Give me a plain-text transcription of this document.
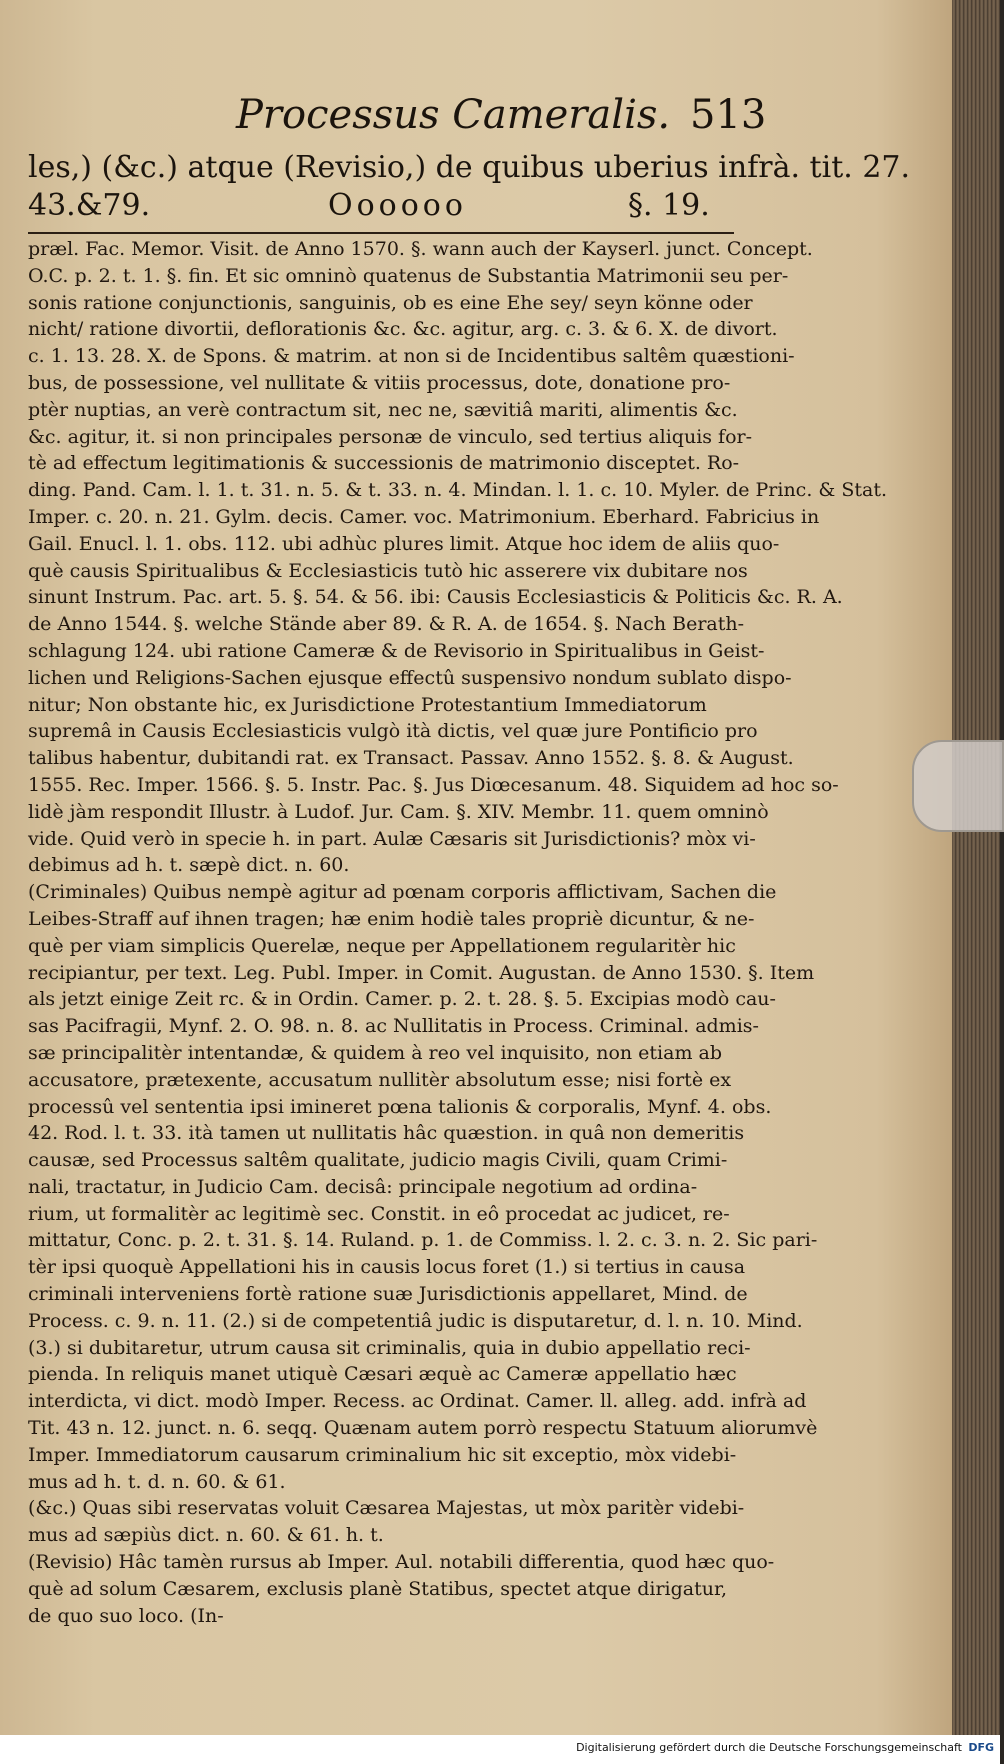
Processus Cameralis. 513
les,) (&c.) atque (Revisio,) de quibus uberius infrà. tit. 27.
43.&79.	Oooooo	§. 19.
præl. Fac. Memor. Visit. de Anno 1570. §. wann auch der Kayserl. junct. Concept.
O.C. p. 2. t. 1. §. fin. Et sic omninò quatenus de Substantia Matrimonii seu per-
sonis ratione conjunctionis, sanguinis, ob es eine Ehe sey/ seyn könne oder
nicht/ ratione divortii, deflorationis &c. &c. agitur, arg. c. 3. & 6. X. de divort.
c. 1. 13. 28. X. de Spons. & matrim. at non si de Incidentibus saltêm quæstioni-
bus, de possessione, vel nullitate & vitiis processus, dote, donatione pro-
ptèr nuptias, an verè contractum sit, nec ne, sævitiâ mariti, alimentis &c.
&c. agitur, it. si non principales personæ de vinculo, sed tertius aliquis for-
tè ad effectum legitimationis & successionis de matrimonio disceptet. Ro-
ding. Pand. Cam. l. 1. t. 31. n. 5. & t. 33. n. 4. Mindan. l. 1. c. 10. Myler. de Princ. & Stat.
Imper. c. 20. n. 21. Gylm. decis. Camer. voc. Matrimonium. Eberhard. Fabricius in
Gail. Enucl. l. 1. obs. 112. ubi adhùc plures limit. Atque hoc idem de aliis quo-
què causis Spiritualibus & Ecclesiasticis tutò hic asserere vix dubitare nos
sinunt Instrum. Pac. art. 5. §. 54. & 56. ibi: Causis Ecclesiasticis & Politicis &c. R. A.
de Anno 1544. §. welche Stände aber 89. & R. A. de 1654. §. Nach Berath-
schlagung 124. ubi ratione Cameræ & de Revisorio in Spiritualibus in Geist-
lichen und Religions-Sachen ejusque effectû suspensivo nondum sublato dispo-
nitur; Non obstante hic, ex Jurisdictione Protestantium Immediatorum
supremâ in Causis Ecclesiasticis vulgò ità dictis, vel quæ jure Pontificio pro
talibus habentur, dubitandi rat. ex Transact. Passav. Anno 1552. §. 8. & August.
1555. Rec. Imper. 1566. §. 5. Instr. Pac. §. Jus Diœcesanum. 48. Siquidem ad hoc so-
lidè jàm respondit Illustr. à Ludof. Jur. Cam. §. XIV. Membr. 11. quem omninò
vide. Quid verò in specie h. in part. Aulæ Cæsaris sit Jurisdictionis? mòx vi-
debimus ad h. t. sæpè dict. n. 60.
(Criminales) Quibus nempè agitur ad pœnam corporis afflictivam, Sachen die
Leibes-Straff auf ihnen tragen; hæ enim hodiè tales propriè dicuntur, & ne-
què per viam simplicis Querelæ, neque per Appellationem regularitèr hic
recipiantur, per text. Leg. Publ. Imper. in Comit. Augustan. de Anno 1530. §. Item
als jetzt einige Zeit rc. & in Ordin. Camer. p. 2. t. 28. §. 5. Excipias modò cau-
sas Pacifragii, Mynf. 2. O. 98. n. 8. ac Nullitatis in Process. Criminal. admis-
sæ principalitèr intentandæ, & quidem à reo vel inquisito, non etiam ab
accusatore, prætexente, accusatum nullitèr absolutum esse; nisi fortè ex
processû vel sententia ipsi imineret pœna talionis & corporalis, Mynf. 4. obs.
42. Rod. l. t. 33. ità tamen ut nullitatis hâc quæstion. in quâ non demeritis
causæ, sed Processus saltêm qualitate, judicio magis Civili, quam Crimi-
nali, tractatur, in Judicio Cam. decisâ: principale negotium ad ordina-
rium, ut formalitèr ac legitimè sec. Constit. in eô procedat ac judicet, re-
mittatur, Conc. p. 2. t. 31. §. 14. Ruland. p. 1. de Commiss. l. 2. c. 3. n. 2. Sic pari-
tèr ipsi quoquè Appellationi his in causis locus foret (1.) si tertius in causa
criminali interveniens fortè ratione suæ Jurisdictionis appellaret, Mind. de
Process. c. 9. n. 11. (2.) si de competentiâ judic is disputaretur, d. l. n. 10. Mind.
(3.) si dubitaretur, utrum causa sit criminalis, quia in dubio appellatio reci-
pienda. In reliquis manet utiquè Cæsari æquè ac Cameræ appellatio hæc
interdicta, vi dict. modò Imper. Recess. ac Ordinat. Camer. ll. alleg. add. infrà ad
Tit. 43 n. 12. junct. n. 6. seqq. Quænam autem porrò respectu Statuum aliorumvè
Imper. Immediatorum causarum criminalium hic sit exceptio, mòx videbi-
mus ad h. t. d. n. 60. & 61.
(&c.) Quas sibi reservatas voluit Cæsarea Majestas, ut mòx paritèr videbi-
mus ad sæpiùs dict. n. 60. & 61. h. t.
(Revisio) Hâc tamèn rursus ab Imper. Aul. notabili differentia, quod hæc quo-
què ad solum Cæsarem, exclusis planè Statibus, spectet atque dirigatur,
de quo suo loco. (In-
Digitalisierung gefördert durch die Deutsche Forschungsgemeinschaft DFG
